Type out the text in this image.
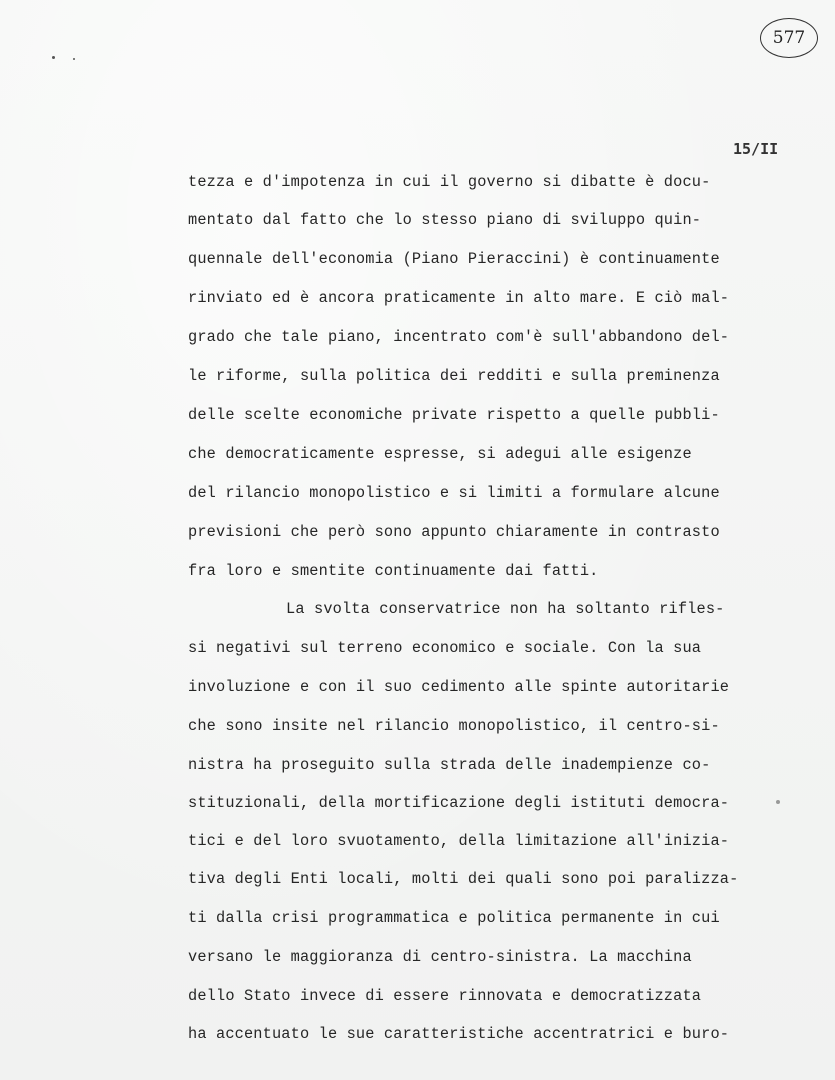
577
15/II
tezza e d'impotenza in cui il governo si dibatte è docu-
mentato dal fatto che lo stesso piano di sviluppo quin-
quennale dell'economia (Piano Pieraccini) è continuamente
rinviato ed è ancora praticamente in alto mare. E ciò mal-
grado che tale piano, incentrato com'è sull'abbandono del-
le riforme, sulla politica dei redditi e sulla preminenza
delle scelte economiche private rispetto a quelle pubbli-
che democraticamente espresse, si adegui alle esigenze
del rilancio monopolistico e si limiti a formulare alcune
previsioni che però sono appunto chiaramente in contrasto
fra loro e smentite continuamente dai fatti.
La svolta conservatrice non ha soltanto rifles-
si negativi sul terreno economico e sociale. Con la sua
involuzione e con il suo cedimento alle spinte autoritarie
che sono insite nel rilancio monopolistico, il centro-si-
nistra ha proseguito sulla strada delle inadempienze co-
stituzionali, della mortificazione degli istituti democra-
tici e del loro svuotamento, della limitazione all'inizia-
tiva degli Enti locali, molti dei quali sono poi paralizza-
ti dalla crisi programmatica e politica permanente in cui
versano le maggioranza di centro-sinistra. La macchina
dello Stato invece di essere rinnovata e democratizzata
ha accentuato le sue caratteristiche accentratrici e buro-
